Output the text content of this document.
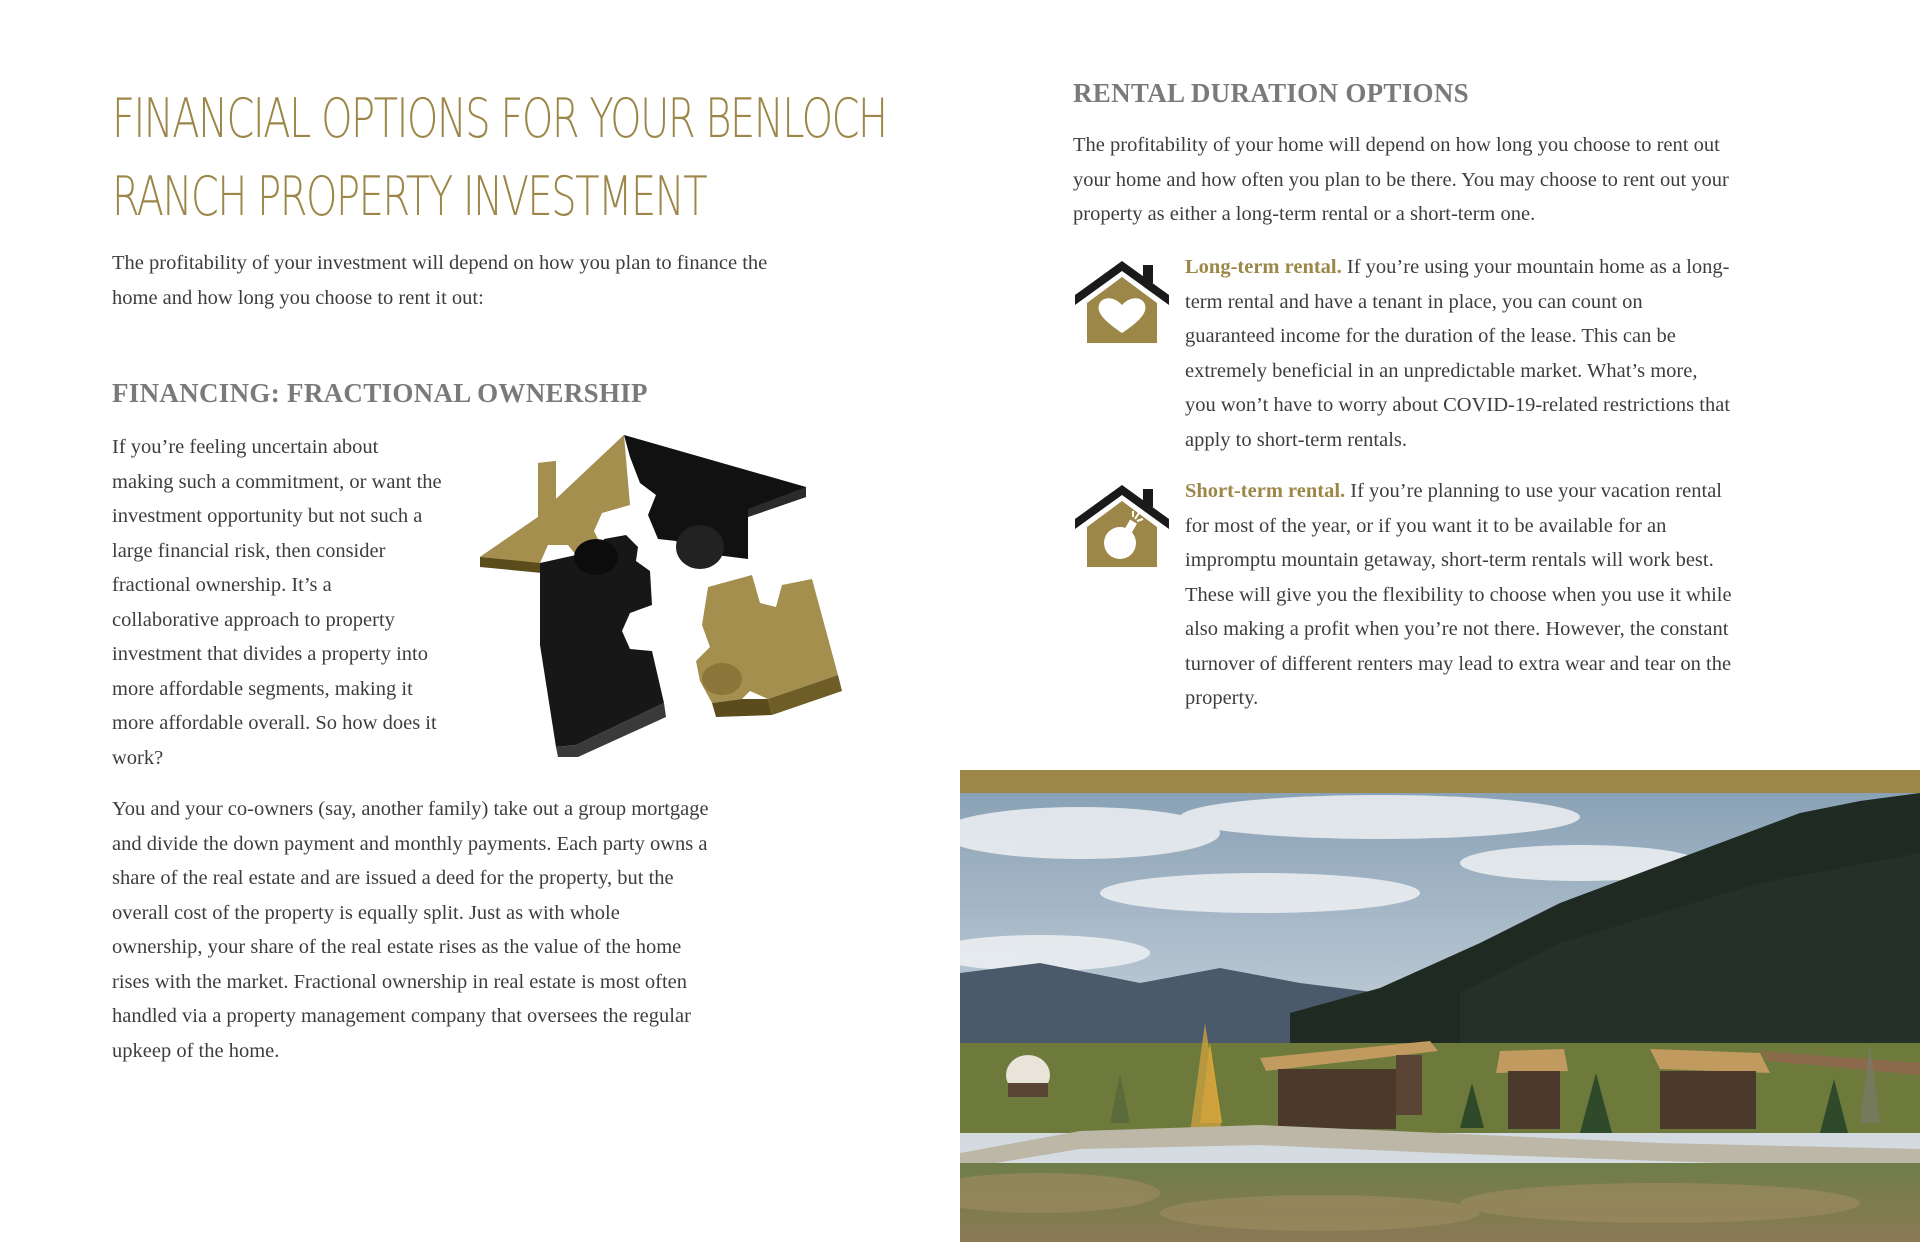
FINANCIAL OPTIONS FOR YOUR BENLOCH
RANCH PROPERTY INVESTMENT

The profitability of your investment will depend on how you plan to finance the home and how long you choose to rent it out:

FINANCING: FRACTIONAL OWNERSHIP

If you’re feeling uncertain about making such a commitment, or want the investment opportunity but not such a large financial risk, then consider fractional ownership. It’s a collaborative approach to property investment that divides a property into more affordable segments, making it more affordable overall. So how does it work?

You and your co-owners (say, another family) take out a group mortgage and divide the down payment and monthly payments. Each party owns a share of the real estate and are issued a deed for the property, but the overall cost of the property is equally split. Just as with whole ownership, your share of the real estate rises as the value of the home rises with the market. Fractional ownership in real estate is most often handled via a property management company that oversees the regular upkeep of the home.

RENTAL DURATION OPTIONS

The profitability of your home will depend on how long you choose to rent out your home and how often you plan to be there. You may choose to rent out your property as either a long-term rental or a short-term one.

Long-term rental. If you’re using your mountain home as a long-term rental and have a tenant in place, you can count on guaranteed income for the duration of the lease. This can be extremely beneficial in an unpredictable market. What’s more, you won’t have to worry about COVID-19-related restrictions that apply to short-term rentals.

Short-term rental. If you’re planning to use your vacation rental for most of the year, or if you want it to be available for an impromptu mountain getaway, short-term rentals will work best. These will give you the flexibility to choose when you use it while also making a profit when you’re not there. However, the constant turnover of different renters may lead to extra wear and tear on the property.
